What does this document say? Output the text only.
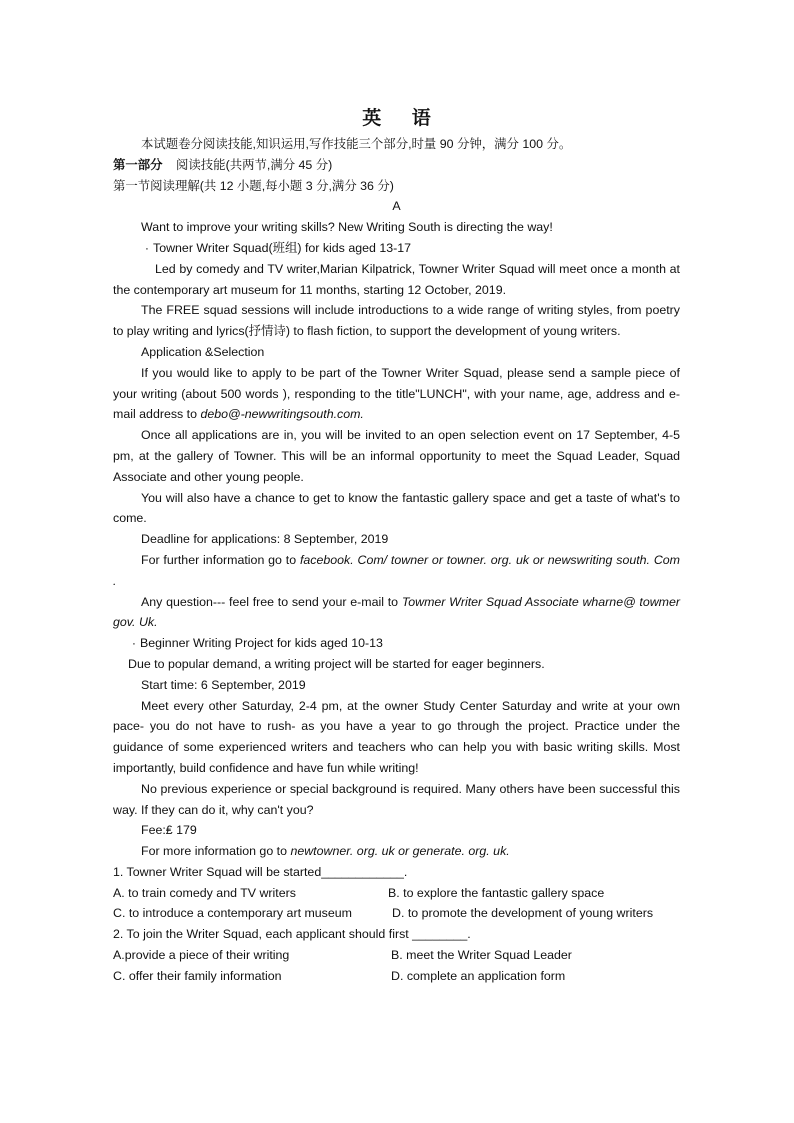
英 语
本试题卷分阅读技能,知识运用,写作技能三个部分,时量 90 分钟，满分 100 分。
第一部分 阅读技能(共两节,满分 45 分)
第一节阅读理解(共 12 小题,每小题 3 分,满分 36 分)
A
Want to improve your writing skills? New Writing South is directing the way!
· Towner Writer Squad(班组) for kids aged 13-17
Led by comedy and TV writer,Marian Kilpatrick, Towner Writer Squad will meet once a month at the contemporary art museum for 11 months, starting 12 October, 2019.
The FREE squad sessions will include introductions to a wide range of writing styles, from poetry to play writing and lyrics(抒情诗) to flash fiction, to support the development of young writers.
Application &Selection
If you would like to apply to be part of the Towner Writer Squad, please send a sample piece of your writing (about 500 words ), responding to the title"LUNCH", with your name, age, address and e-mail address to debo@-newwritingsouth.com.
Once all applications are in, you will be invited to an open selection event on 17 September, 4-5 pm, at the gallery of Towner. This will be an informal opportunity to meet the Squad Leader, Squad Associate and other young people.
You will also have a chance to get to know the fantastic gallery space and get a taste of what's to come.
Deadline for applications: 8 September, 2019
For further information go to facebook. Com/ towner or towner. org. uk or newswriting south. Com .
Any question--- feel free to send your e-mail to Towmer Writer Squad Associate wharne@ towmer gov. Uk.
· Beginner Writing Project for kids aged 10-13
Due to popular demand, a writing project will be started for eager beginners.
Start time: 6 September, 2019
Meet every other Saturday, 2-4 pm, at the owner Study Center Saturday and write at your own pace- you do not have to rush- as you have a year to go through the project. Practice under the guidance of some experienced writers and teachers who can help you with basic writing skills. Most importantly, build confidence and have fun while writing!
No previous experience or special background is required. Many others have been successful this way. If they can do it, why can't you?
Fee:₤ 179
For more information go to newtowner. org. uk or generate. org. uk.
1. Towner Writer Squad will be started____________.
A. to train comedy and TV writers	B. to explore the fantastic gallery space
C. to introduce a contemporary art museum	D. to promote the development of young writers
2. To join the Writer Squad, each applicant should first ________.
A.provide a piece of their writing	B. meet the Writer Squad Leader
C. offer their family information	D. complete an application form
